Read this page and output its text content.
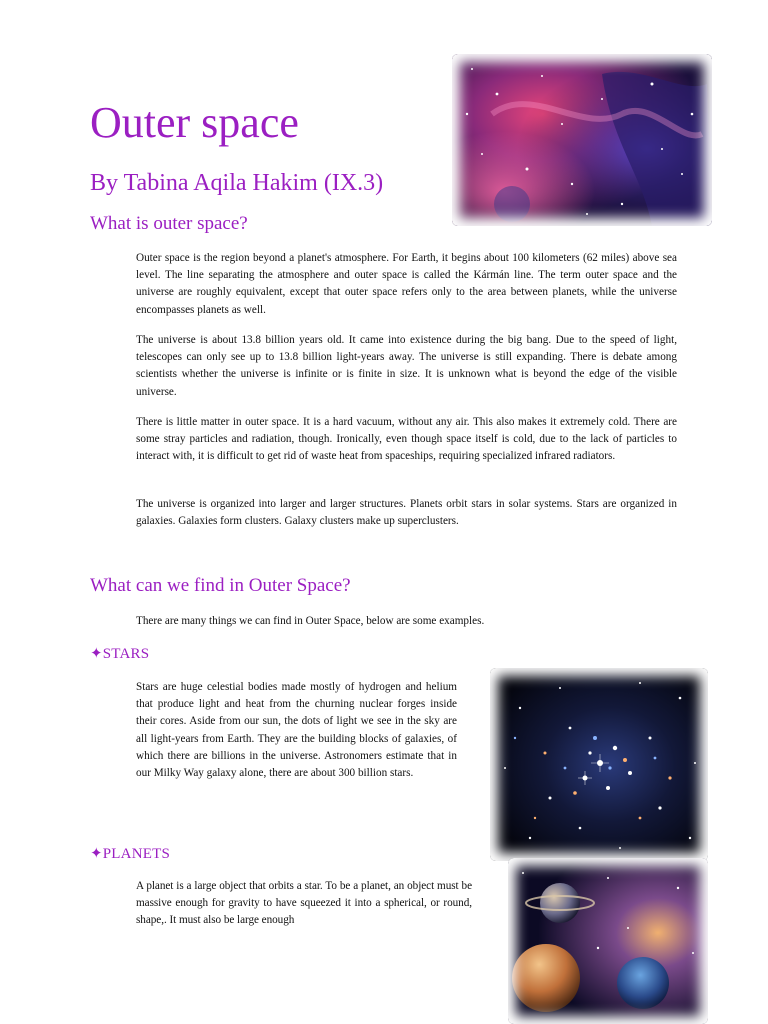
Outer space
By Tabina Aqila Hakim (IX.3)
What is outer space?

Outer space is the region beyond a planet's atmosphere. For Earth, it begins about 100 kilometers (62 miles) above sea level. The line separating the atmosphere and outer space is called the Kármán line. The term outer space and the universe are roughly equivalent, except that outer space refers only to the area between planets, while the universe encompasses planets as well.

The universe is about 13.8 billion years old. It came into existence during the big bang. Due to the speed of light, telescopes can only see up to 13.8 billion light-years away. The universe is still expanding. There is debate among scientists whether the universe is infinite or is finite in size. It is unknown what is beyond the edge of the visible universe.

There is little matter in outer space. It is a hard vacuum, without any air. This also makes it extremely cold. There are some stray particles and radiation, though. Ironically, even though space itself is cold, due to the lack of particles to interact with, it is difficult to get rid of waste heat from spaceships, requiring specialized infrared radiators.

The universe is organized into larger and larger structures. Planets orbit stars in solar systems. Stars are organized in galaxies. Galaxies form clusters. Galaxy clusters make up superclusters.

What can we find in Outer Space?

There are many things we can find in Outer Space, below are some examples.

✦STARS

Stars are huge celestial bodies made mostly of hydrogen and helium that produce light and heat from the churning nuclear forges inside their cores. Aside from our sun, the dots of light we see in the sky are all light-years from Earth. They are the building blocks of galaxies, of which there are billions in the universe. Astronomers estimate that in our Milky Way galaxy alone, there are about 300 billion stars.

✦PLANETS

A planet is a large object that orbits a star. To be a planet, an object must be massive enough for gravity to have squeezed it into a spherical, or round, shape,. It must also be large enough
